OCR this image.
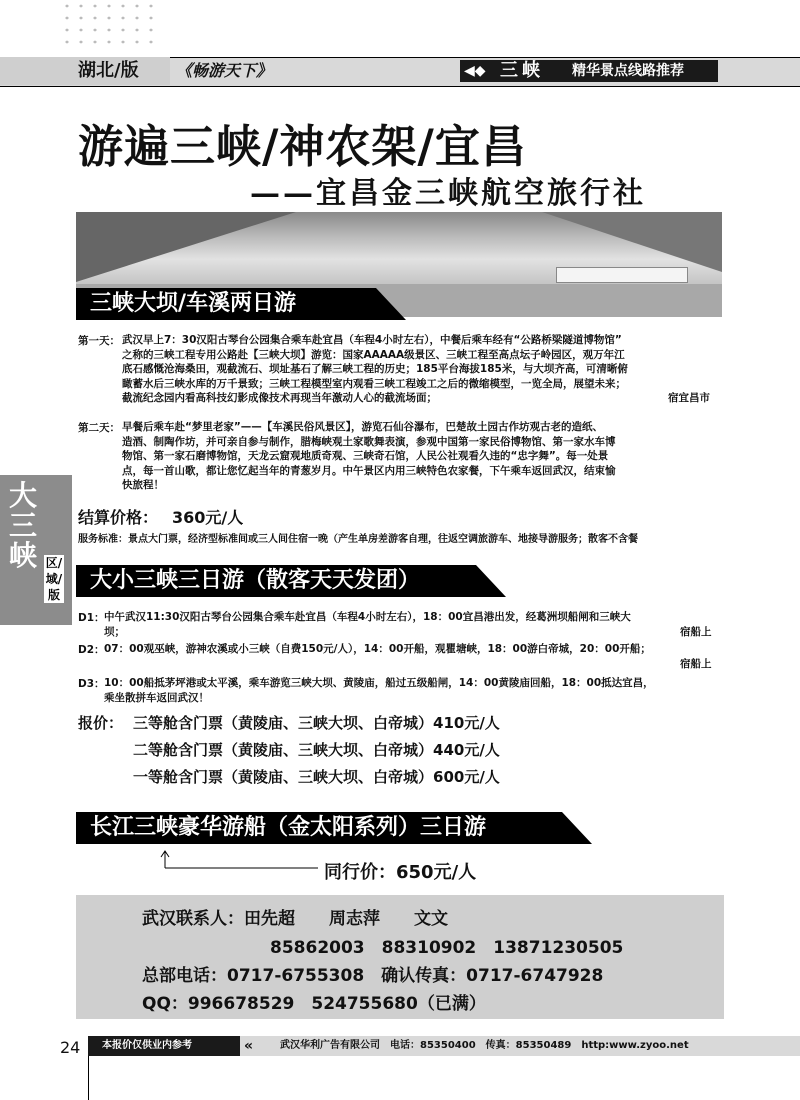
湖北/版	《畅游天下》	◀◆ 三峡 精华景点线路推荐
游遍三峡/神农架/宜昌
——宜昌金三峡航空旅行社
大三峡 区/域/版
三峡大坝/车溪两日游
第一天： 武汉早上7：30汉阳古琴台公园集合乘车赴宜昌（车程4小时左右），中餐后乘车经有“公路桥梁隧道博物馆”
之称的三峡工程专用公路赴【三峡大坝】游览：国家AAAAA级景区、三峡工程至高点坛子岭园区，观万年江
底石感慨沧海桑田，观截流石、坝址基石了解三峡工程的历史；185平台海拔185米，与大坝齐高，可清晰俯
瞰蓄水后三峡水库的万千景致；三峡工程模型室内观看三峡工程竣工之后的微缩模型，一览全局，展望未来；
截流纪念园内看高科技幻影成像技术再现当年激动人心的截流场面；	宿宜昌市
第二天： 早餐后乘车赴“梦里老家”——【车溪民俗风景区】，游览石仙谷瀑布，巴楚故土园古作坊观古老的造纸、
造酒、制陶作坊，并可亲自参与制作，腊梅峡观土家歌舞表演，参观中国第一家民俗博物馆、第一家水车博
物馆、第一家石磨博物馆，天龙云窟观地质奇观、三峡奇石馆，人民公社观看久违的“忠字舞”。每一处景
点，每一首山歌，都让您忆起当年的青葱岁月。中午景区内用三峡特色农家餐，下午乘车返回武汉，结束愉
快旅程！
结算价格： 360元/人
服务标准：景点大门票，经济型标准间或三人间住宿一晚（产生单房差游客自理，往返空调旅游车、地接导游服务；散客不含餐
大小三峡三日游（散客天天发团）
D1： 中午武汉11:30汉阳古琴台公园集合乘车赴宜昌（车程4小时左右），18：00宜昌港出发，经葛洲坝船闸和三峡大
坝；	宿船上
D2： 07：00观巫峡，游神农溪或小三峡（自费150元/人），14：00开船，观瞿塘峡，18：00游白帝城，20：00开船；
宿船上
D3： 10：00船抵茅坪港或太平溪，乘车游览三峡大坝、黄陵庙，船过五级船闸，14：00黄陵庙回船，18：00抵达宜昌，
乘坐散拼车返回武汉！
报价： 三等舱含门票（黄陵庙、三峡大坝、白帝城）410元/人
二等舱含门票（黄陵庙、三峡大坝、白帝城）440元/人
一等舱含门票（黄陵庙、三峡大坝、白帝城）600元/人
长江三峡豪华游船（金太阳系列）三日游
同行价：650元/人
武汉联系人：田先超　　周志萍　　文文
85862003　88310902　13871230505
总部电话：0717-6755308　确认传真：0717-6747928
QQ：996678529　524755680（已满）
24	本报价仅供业内参考	«	武汉华利广告有限公司　电话：85350400　传真：85350489　http:www.zyoo.net
